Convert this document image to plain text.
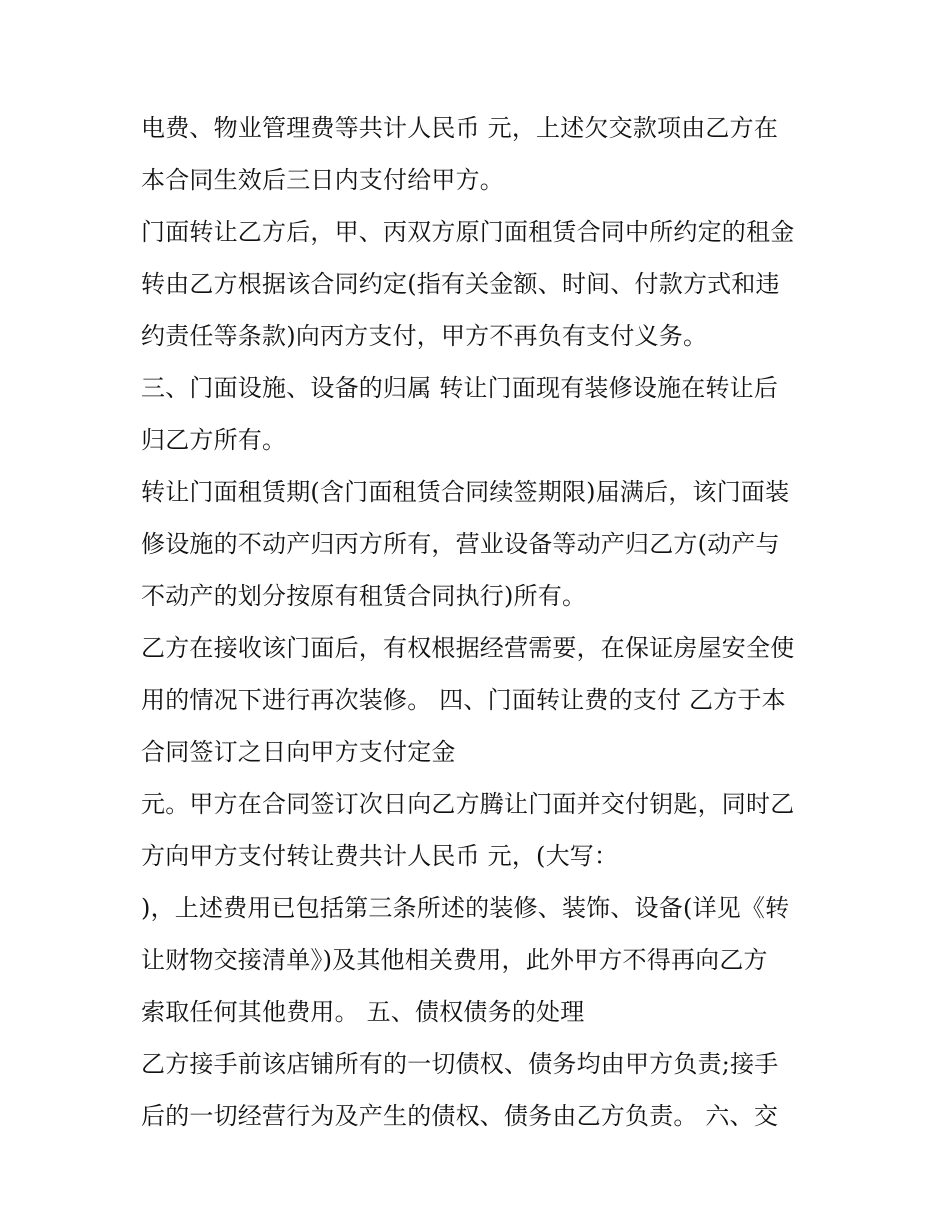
电费、物业管理费等共计人民币 元，上述欠交款项由乙方在
本合同生效后三日内支付给甲方。
门面转让乙方后，甲、丙双方原门面租赁合同中所约定的租金
转由乙方根据该合同约定(指有关金额、时间、付款方式和违
约责任等条款)向丙方支付，甲方不再负有支付义务。
三、门面设施、设备的归属 转让门面现有装修设施在转让后
归乙方所有。
转让门面租赁期(含门面租赁合同续签期限)届满后，该门面装
修设施的不动产归丙方所有，营业设备等动产归乙方(动产与
不动产的划分按原有租赁合同执行)所有。
乙方在接收该门面后，有权根据经营需要，在保证房屋安全使
用的情况下进行再次装修。 四、门面转让费的支付 乙方于本
合同签订之日向甲方支付定金
元。甲方在合同签订次日向乙方腾让门面并交付钥匙，同时乙
方向甲方支付转让费共计人民币 元，(大写：
)，上述费用已包括第三条所述的装修、装饰、设备(详见《转
让财物交接清单》)及其他相关费用，此外甲方不得再向乙方
索取任何其他费用。 五、债权债务的处理
乙方接手前该店铺所有的一切债权、债务均由甲方负责;接手
后的一切经营行为及产生的债权、债务由乙方负责。 六、交
